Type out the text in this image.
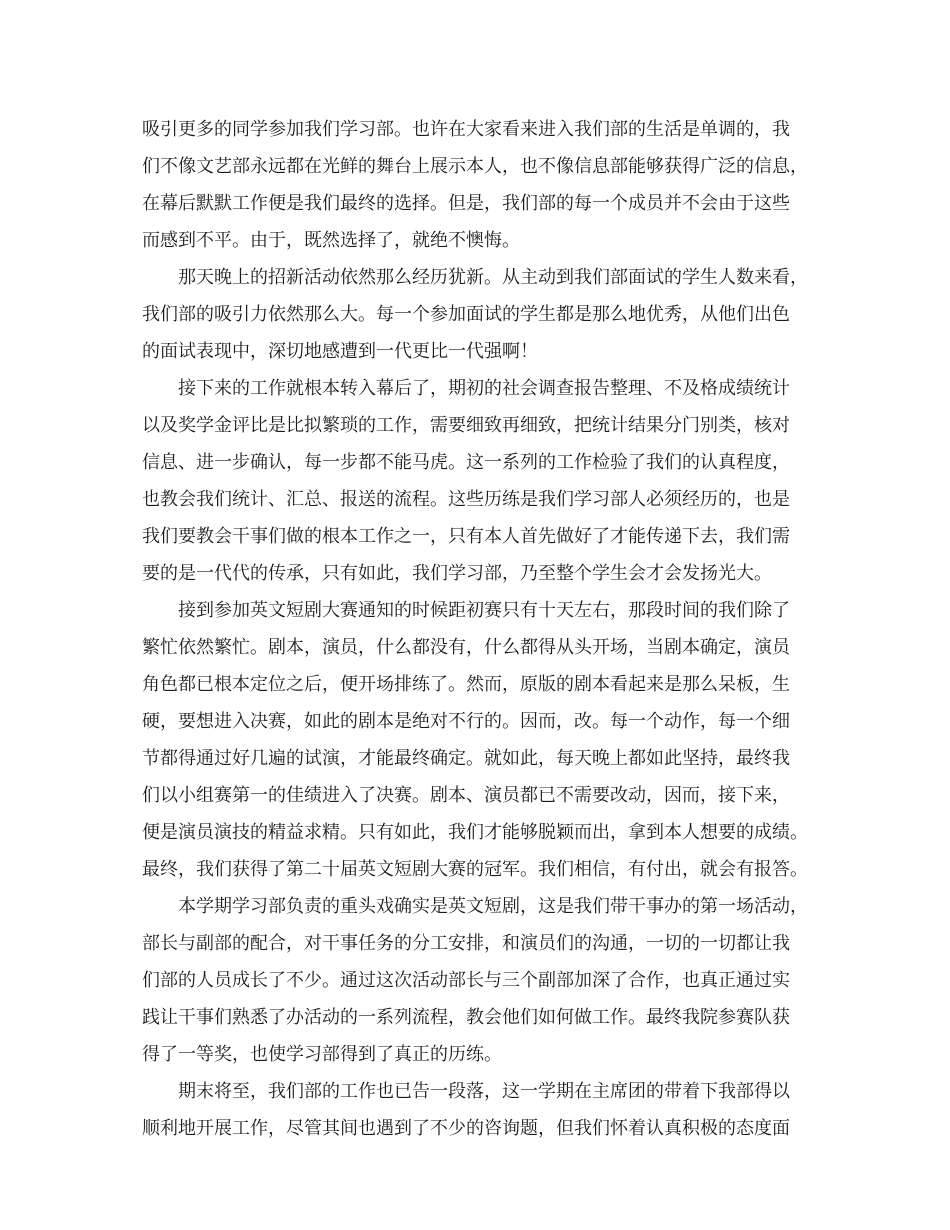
吸引更多的同学参加我们学习部。也许在大家看来进入我们部的生活是单调的，我
们不像文艺部永远都在光鲜的舞台上展示本人，也不像信息部能够获得广泛的信息，
在幕后默默工作便是我们最终的选择。但是，我们部的每一个成员并不会由于这些
而感到不平。由于，既然选择了，就绝不懊悔。
那天晚上的招新活动依然那么经历犹新。从主动到我们部面试的学生人数来看，
我们部的吸引力依然那么大。每一个参加面试的学生都是那么地优秀，从他们出色
的面试表现中，深切地感遭到一代更比一代强啊！
接下来的工作就根本转入幕后了，期初的社会调查报告整理、不及格成绩统计
以及奖学金评比是比拟繁琐的工作，需要细致再细致，把统计结果分门别类，核对
信息、进一步确认，每一步都不能马虎。这一系列的工作检验了我们的认真程度，
也教会我们统计、汇总、报送的流程。这些历练是我们学习部人必须经历的，也是
我们要教会干事们做的根本工作之一，只有本人首先做好了才能传递下去，我们需
要的是一代代的传承，只有如此，我们学习部，乃至整个学生会才会发扬光大。
接到参加英文短剧大赛通知的时候距初赛只有十天左右，那段时间的我们除了
繁忙依然繁忙。剧本，演员，什么都没有，什么都得从头开场，当剧本确定，演员
角色都已根本定位之后，便开场排练了。然而，原版的剧本看起来是那么呆板，生
硬，要想进入决赛，如此的剧本是绝对不行的。因而，改。每一个动作，每一个细
节都得通过好几遍的试演，才能最终确定。就如此，每天晚上都如此坚持，最终我
们以小组赛第一的佳绩进入了决赛。剧本、演员都已不需要改动，因而，接下来，
便是演员演技的精益求精。只有如此，我们才能够脱颖而出，拿到本人想要的成绩。
最终，我们获得了第二十届英文短剧大赛的冠军。我们相信，有付出，就会有报答。
本学期学习部负责的重头戏确实是英文短剧，这是我们带干事办的第一场活动，
部长与副部的配合，对干事任务的分工安排，和演员们的沟通，一切的一切都让我
们部的人员成长了不少。通过这次活动部长与三个副部加深了合作，也真正通过实
践让干事们熟悉了办活动的一系列流程，教会他们如何做工作。最终我院参赛队获
得了一等奖，也使学习部得到了真正的历练。
期末将至，我们部的工作也已告一段落，这一学期在主席团的带着下我部得以
顺利地开展工作，尽管其间也遇到了不少的咨询题，但我们怀着认真积极的态度面
